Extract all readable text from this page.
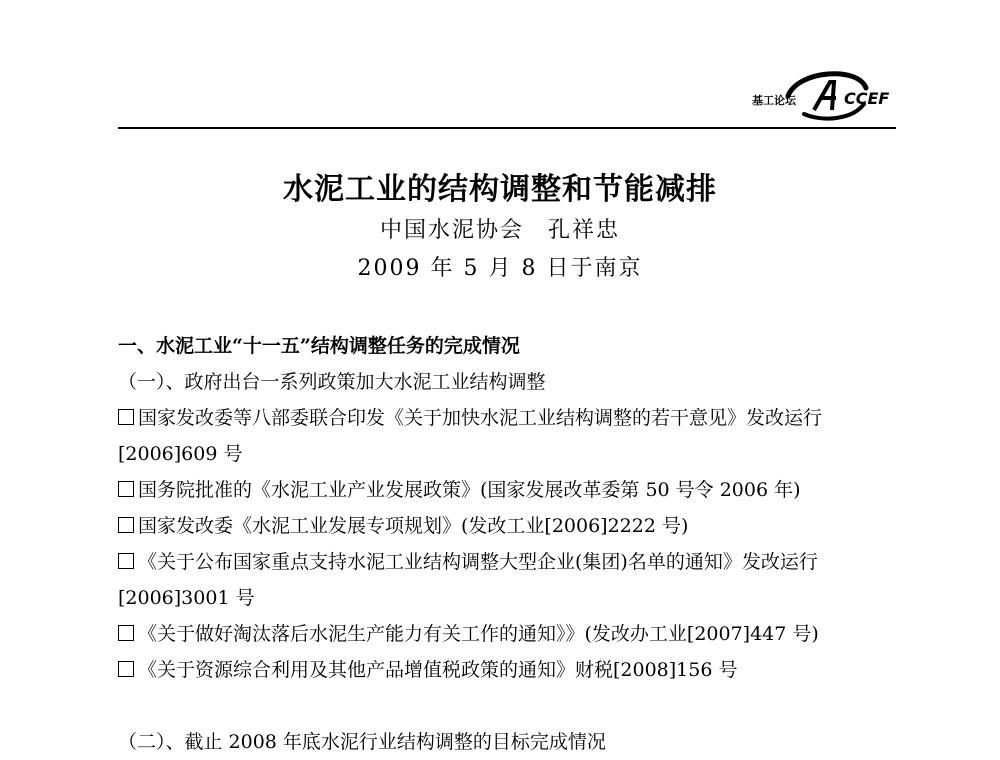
基工论坛	CCEF
水泥工业的结构调整和节能减排
中国水泥协会　孔祥忠
2009 年 5 月 8 日于南京
一、水泥工业“十一五”结构调整任务的完成情况
（一）、政府出台一系列政策加大水泥工业结构调整
国家发改委等八部委联合印发《关于加快水泥工业结构调整的若干意见》发改运行
[2006]609 号
国务院批准的《水泥工业产业发展政策》(国家发展改革委第 50 号令 2006 年)
国家发改委《水泥工业发展专项规划》(发改工业[2006]2222 号)
《关于公布国家重点支持水泥工业结构调整大型企业(集团)名单的通知》发改运行
[2006]3001 号
《关于做好淘汰落后水泥生产能力有关工作的通知》》(发改办工业[2007]447 号)
《关于资源综合利用及其他产品增值税政策的通知》财税[2008]156 号
（二）、截止 2008 年底水泥行业结构调整的目标完成情况
